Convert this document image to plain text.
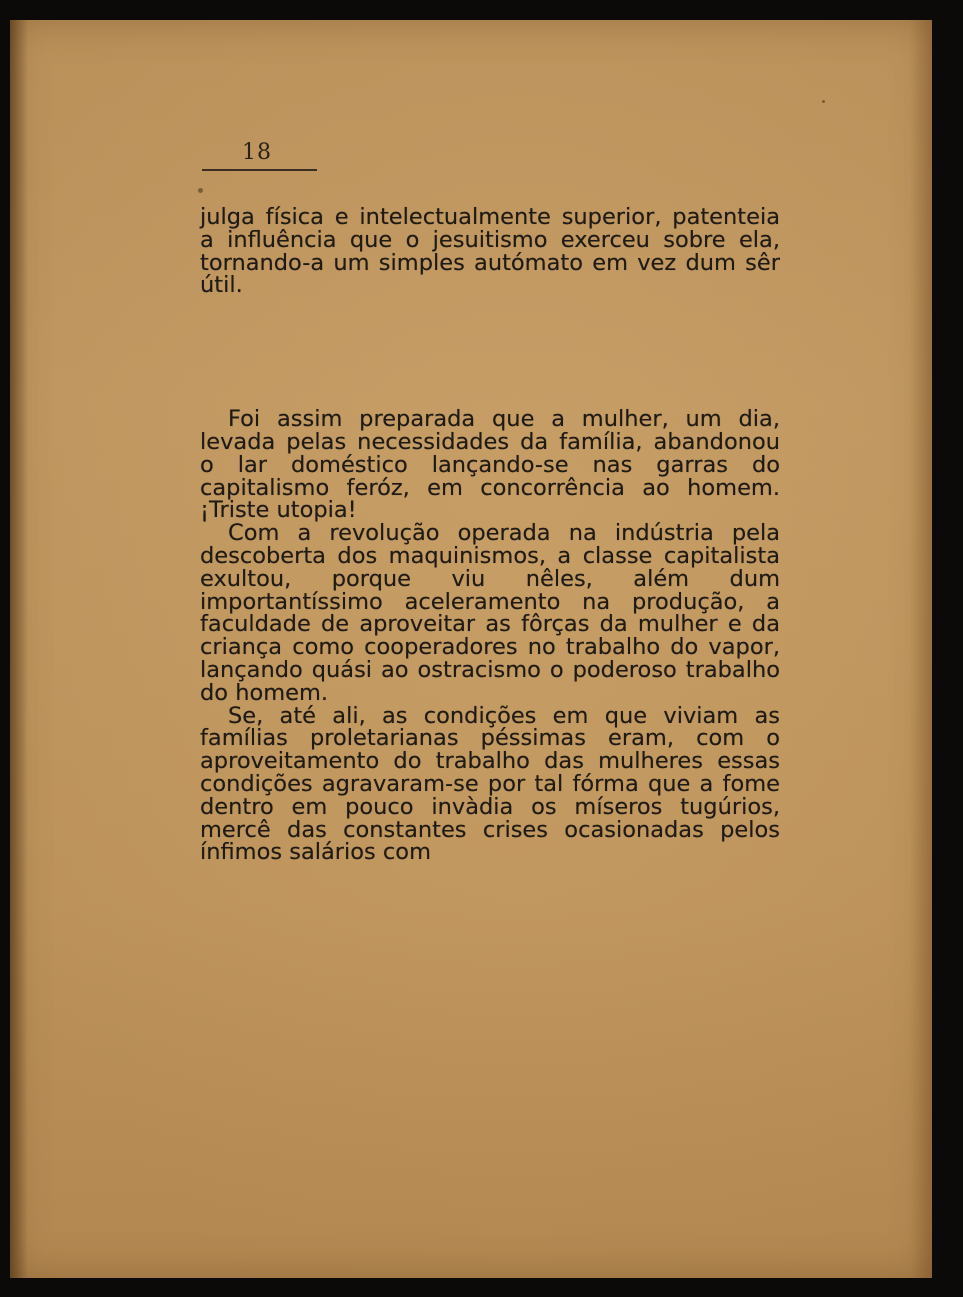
18

julga física e intelectualmente superior, patenteia a influência que o jesuitismo exerceu sobre ela, tornando-a um simples autómato em vez dum sêr útil.

Foi assim preparada que a mulher, um dia, levada pelas necessidades da família, abandonou o lar doméstico lançando-se nas garras do capitalismo feróz, em concorrência ao homem. ¡Triste utopia!

Com a revolução operada na indústria pela descoberta dos maquinismos, a classe capitalista exultou, porque viu nêles, além dum importantíssimo aceleramento na produção, a faculdade de aproveitar as fôrças da mulher e da criança como cooperadores no trabalho do vapor, lançando quási ao ostracismo o poderoso trabalho do homem.

Se, até ali, as condições em que viviam as famílias proletarianas péssimas eram, com o aproveitamento do trabalho das mulheres essas condições agravaram-se por tal fórma que a fome dentro em pouco invàdia os míseros tugúrios, mercê das constantes crises ocasionadas pelos ínfimos salários com
